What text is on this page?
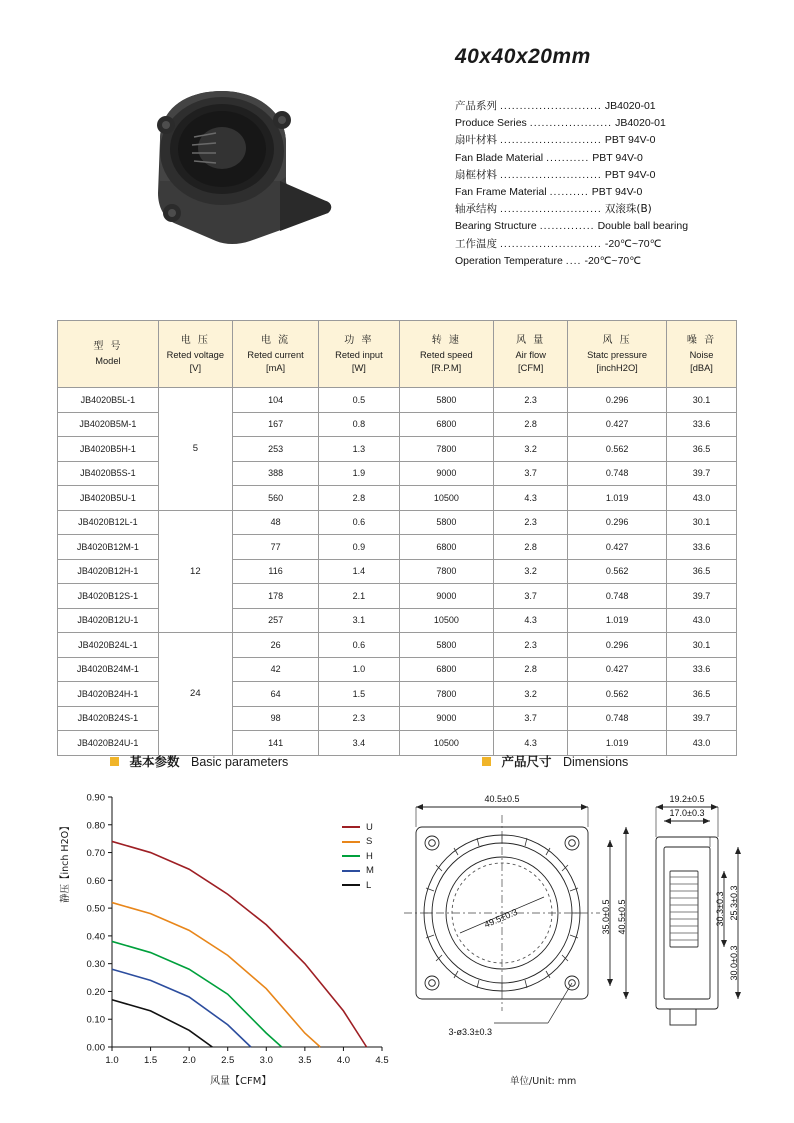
40x40x20mm
产品系列 .......................... JB4020-01
Produce Series ..................... JB4020-01
扇叶材料 .......................... PBT 94V-0
Fan Blade Material ........... PBT 94V-0
扇框材料 .......................... PBT 94V-0
Fan Frame Material .......... PBT 94V-0
轴承结构 .......................... 双滚珠(B)
Bearing Structure .............. Double ball bearing
工作温度 .......................... -20℃~70℃
Operation Temperature .... -20℃~70℃
型 号
Model	电 压
Reted voltage
[V]	电 流
Reted current
[mA]	功 率
Reted input
[W]	转 速
Reted speed
[R.P.M]	风 量
Air flow
[CFM]	风 压
Statc pressure
[inchH2O]	噪 音
Noise
[dBA]

JB4020B5L-1	5	104	0.5	5800	2.3	0.296	30.1
JB4020B5M-1		167	0.8	6800	2.8	0.427	33.6
JB4020B5H-1		253	1.3	7800	3.2	0.562	36.5
JB4020B5S-1		388	1.9	9000	3.7	0.748	39.7
JB4020B5U-1		560	2.8	10500	4.3	1.019	43.0
JB4020B12L-1	12	48	0.6	5800	2.3	0.296	30.1
JB4020B12M-1		77	0.9	6800	2.8	0.427	33.6
JB4020B12H-1		116	1.4	7800	3.2	0.562	36.5
JB4020B12S-1		178	2.1	9000	3.7	0.748	39.7
JB4020B12U-1		257	3.1	10500	4.3	1.019	43.0
JB4020B24L-1	24	26	0.6	5800	2.3	0.296	30.1
JB4020B24M-1		42	1.0	6800	2.8	0.427	33.6
JB4020B24H-1		64	1.5	7800	3.2	0.562	36.5
JB4020B24S-1		98	2.3	9000	3.7	0.748	39.7
JB4020B24U-1		141	3.4	10500	4.3	1.019	43.0
基本参数 Basic parameters	产品尺寸 Dimensions
0.00
0.10
0.20
0.30
0.40
0.50
0.60
0.70
0.80
0.90
1.0	1.5	2.0	2.5	3.0	3.5	4.0	4.5
静压【inch H2O】
风量【CFM】
U
S
H
M
L
40.5±0.5
35.0±0.5 40.5±0.5
49.5±0.3
3-ø3.3±0.3
19.2±0.5
17.0±0.3
30.3±0.3 25.3±0.3
30.0±0.3
单位/Unit: mm
